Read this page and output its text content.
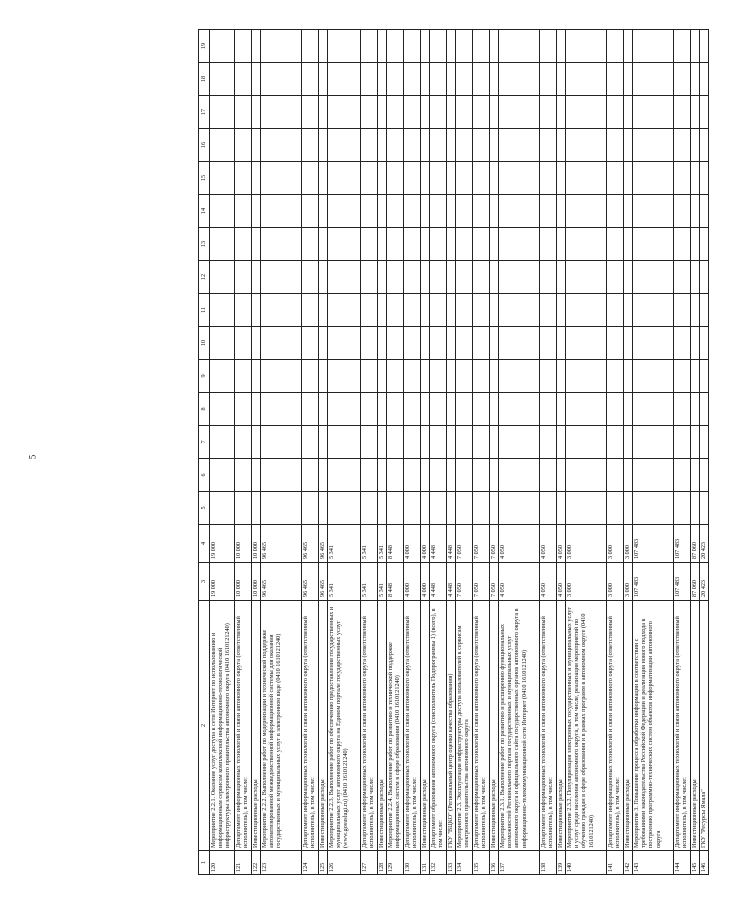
5
1	2	3	4	5	6	7	8	9	10	11	12	13	14	15	16	17	18	19
120	Мероприятие 2.2.1. Оказание услуг доступа к сети Интернет по использованию и информационным сервисам комплексной информационно-технологической инфраструктуры электронного правительства автономного округа (0410 1610121240)	19 000	19 000															
121	Департамент информационных технологий и связи автономного округа (ответственный исполнитель), в том числе:	10 000	10 000															
122	Инвестиционные расходы	10 000	10 000															
123	Мероприятие 2.2.2. Выполнение работ по модернизации и технической поддержке автоматизированной межведомственной информационной системы для оказания государственных и муниципальных услуг в электронном виде (0410 1610121240)	96 465	96 465															
124	Департамент информационных технологий и связи автономного округа (ответственный исполнитель), в том числе:	96 465	96 465															
125	Инвестиционные расходы	96 465	96 465															
126	Мероприятие 2.2.3. Выполнение работ по обеспечению предоставления государственных и муниципальных услуг автономного округа на Едином портале государственных услуг (www.gosuslugi.ru) (0410 1610121240)	5 341	5 341															
127	Департамент информационных технологий и связи автономного округа (ответственный исполнитель), в том числе:	5 341	5 341															
128	Инвестиционные расходы	5 341	5 341															
129	Мероприятие 2.2.4. Выполнение работ по развитию и технической поддержке информационных систем в сфере образования (0410 1610121240)	8 448	8 448															
130	Департамент информационных технологий и связи автономного округа (ответственный исполнитель), в том числе:	4 000	4 000															
131	Инвестиционные расходы	4 000	4 000															
132	Департамент образования автономного округа (соисполнитель Подпрограммы 1) (всего), в том числе:	4 448	4 448															
133	ГКУ "ВЦКО" (Региональный центр оценки качества образования)	4 448	4 448															
134	Мероприятие 2.3. Эксплуатация инфраструктуры доступа пользователей к сервисам электронного правительства автономного округа	7 050	7 050															
135	Департамент информационных технологий и связи автономного округа (ответственный исполнитель), в том числе:	7 050	7 050															
136	Инвестиционные расходы	7 050	7 050															
137	Мероприятие 2.3.1. Выполнение работ по развитию и расширению функциональных возможностей Регионального портала государственных и муниципальных услуг автономного округа и официального сайта государственных органов автономного округа в информационно-телекоммуникационной сети Интернет (0410 1610121240)	4 050	4 050															
138	Департамент информационных технологий и связи автономного округа (ответственный исполнитель), в том числе:	4 050	4 050															
139	Инвестиционные расходы	4 050	4 050															
140	Мероприятие 2.3.2. Популяризация электронных государственных и муниципальных услуг и услуг среди населения автономного округа, в том числе, реализация мероприятий по обучению граждан в сфере образования и в рамках программ в автономном округе (0410 1610121240)	3 000	3 000															
141	Департамент информационных технологий и связи автономного округа (ответственный исполнитель), в том числе:	3 000	3 000															
142	Инвестиционные расходы	3 000	3 000															
143	Мероприятие 3. Повышение процесса обработки информации в соответствии с требованиями законодательства Российской Федерации и реализация нового подхода к построению программно-технических систем объектов информатизации автономного округа	107 483	107 483															
144	Департамент информационных технологий и связи автономного округа (ответственный исполнитель), в том числе:	107 483	107 483															
145	Инвестиционные расходы	87 060	87 060															
146	ГКУ "Ресурсы Ямала"	20 423	20 423															
